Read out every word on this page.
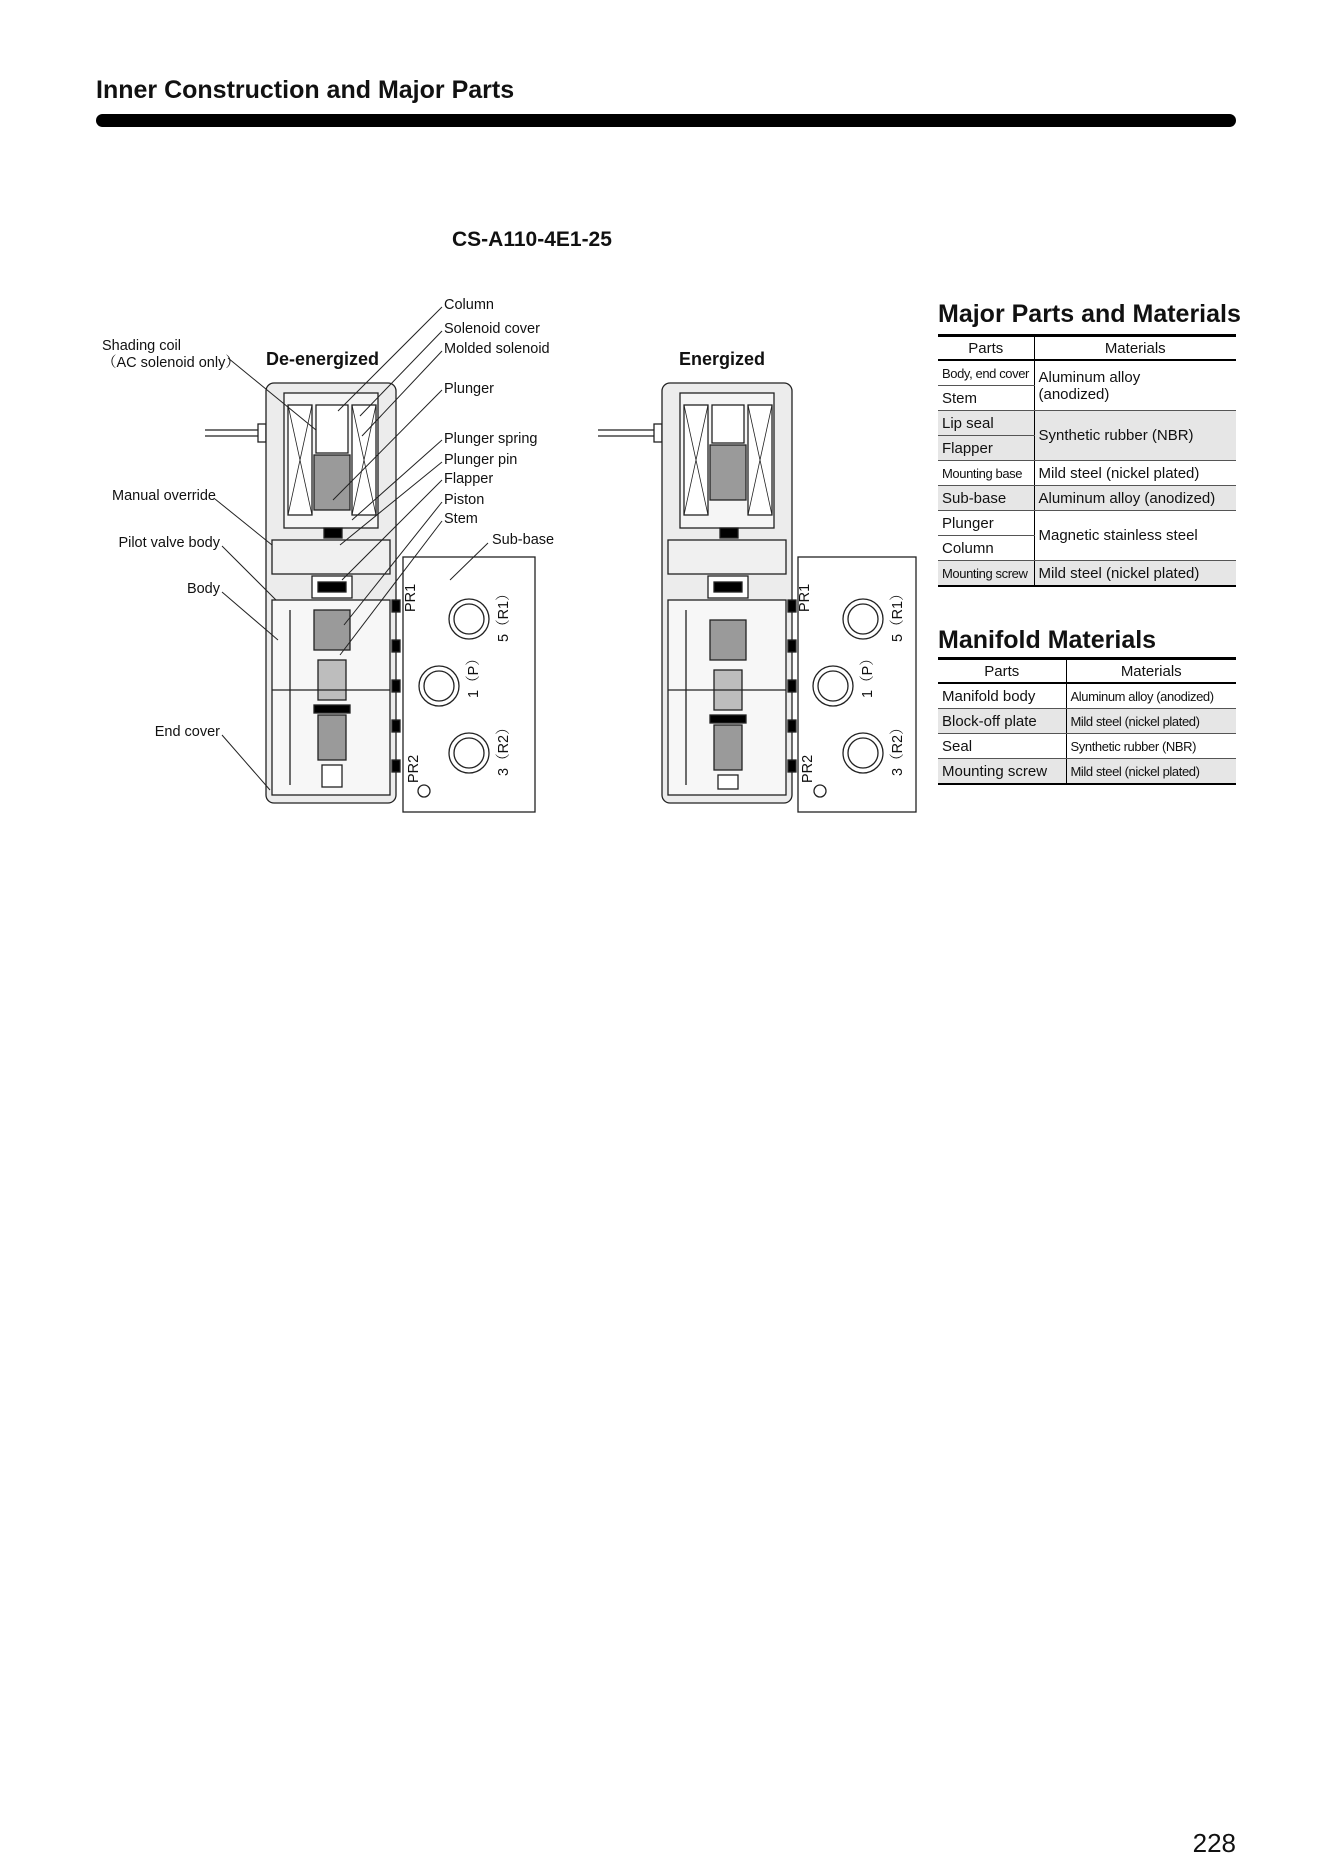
Inner Construction and Major Parts
CS-A110-4E1-25
De-energized	Energized
Shading coil
（AC solenoid only）
Manual override
Pilot valve body
Body
End cover
Column
Solenoid cover
Molded solenoid
Plunger
Plunger spring
Plunger pin
Flapper
Piston
Stem
Sub-base
PR1	5（R1）
1（P）
PR2	3（R2）
PR1	5（R1）
1（P）
PR2	3（R2）
Major Parts and Materials
Parts	Materials
Body, end cover	Aluminum alloy
(anodized)
Stem	
Lip seal	Synthetic rubber (NBR)
Flapper	
Mounting base	Mild steel (nickel plated)
Sub-base	Aluminum alloy (anodized)
Plunger	Magnetic stainless steel
Column	
Mounting screw	Mild steel (nickel plated)
Manifold Materials
Parts	Materials
Manifold body	Aluminum alloy (anodized)
Block-off plate	Mild steel (nickel plated)
Seal	Synthetic rubber (NBR)
Mounting screw	Mild steel (nickel plated)
228
